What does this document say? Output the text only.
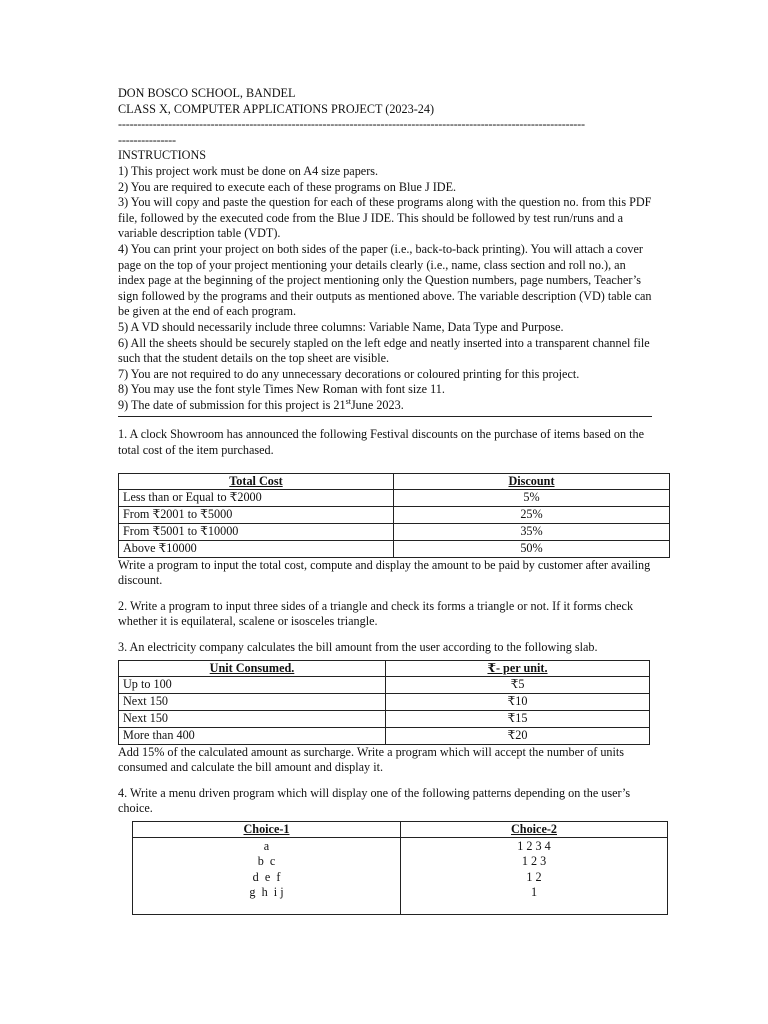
DON BOSCO SCHOOL, BANDEL
CLASS X, COMPUTER APPLICATIONS PROJECT (2023-24)
-------------------------------------------------------------------------------------------------------------------------
---------------
INSTRUCTIONS
1) This project work must be done on A4 size papers.
2) You are required to execute each of these programs on Blue J IDE.
3) You will copy and paste the question for each of these programs along with the question no. from this PDF file, followed by the executed code from the Blue J IDE. This should be followed by test run/runs and a variable description table (VDT).
4) You can print your project on both sides of the paper (i.e., back-to-back printing). You will attach a cover page on the top of your project mentioning your details clearly (i.e., name, class section and roll no.), an index page at the beginning of the project mentioning only the Question numbers, page numbers, Teacher’s sign followed by the programs and their outputs as mentioned above. The variable description (VD) table can be given at the end of each program.
5) A VD should necessarily include three columns: Variable Name, Data Type and Purpose.
6) All the sheets should be securely stapled on the left edge and neatly inserted into a transparent channel file such that the student details on the top sheet are visible.
7) You are not required to do any unnecessary decorations or coloured printing for this project.
8) You may use the font style Times New Roman with font size 11.
9) The date of submission for this project is 21stJune 2023.
1. A clock Showroom has announced the following Festival discounts on the purchase of items based on the total cost of the item purchased.
Total Cost	Discount
Less than or Equal to ₹2000	5%
From ₹2001 to ₹5000	25%
From ₹5001 to ₹10000	35%
Above ₹10000	50%
Write a program to input the total cost, compute and display the amount to be paid by customer after availing discount.
2. Write a program to input three sides of a triangle and check its forms a triangle or not. If it forms check whether it is equilateral, scalene or isosceles triangle.
3. An electricity company calculates the bill amount from the user according to the following slab.
Unit Consumed.	₹- per unit.
Up to 100	₹5
Next 150	₹10
Next 150	₹15
More than 400	₹20
Add 15% of the calculated amount as surcharge. Write a program which will accept the number of units consumed and calculate the bill amount and display it.
4. Write a menu driven program which will display one of the following patterns depending on the user’s choice.
Choice-1	Choice-2
a	1 2 3 4
b  c	1 2 3
d  e  f	1 2
g  h  i j	1
